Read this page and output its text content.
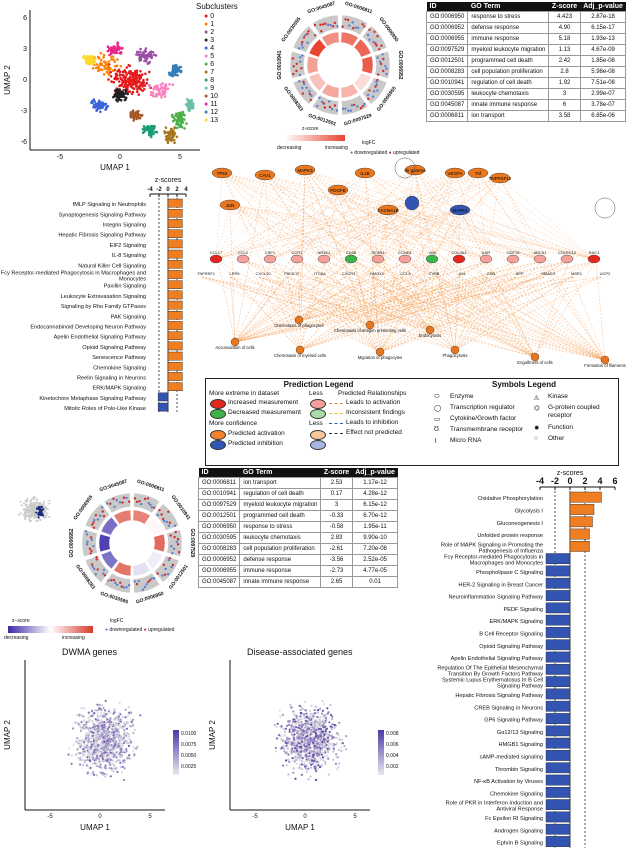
-5	0	5
6
3
0
-3
-6
UMAP 1
UMAP 2
Subclusters
● 0
● 1
● 2
● 3
● 4
● 5
● 6
● 7
● 8
● 9
● 10
● 11
● 12
● 13
GO:0006811
GO:0006950
GO:0006952
GO:0006955
GO:0097529
GO:0012501
GO:0008283
GO:0010941
GO:0030595
GO:0045087
z-score
logFC
decreasing	increasing
● downregulated ● upregulated
ID	GO Term	Z-score	Adj_p-value
GO:0006950	response to stress	4.423	2.87e-18
GO:0006952	defense response	4.90	6.15e-17
GO:0006955	immune response	5.18	1.93e-13
GO:0097529	myeloid leukocyte migration	1.13	4.67e-09
GO:0012501	programmed cell death	2.42	1.85e-08
GO:0008283	cell population proliferation	2.8	5.98e-08
GO:0010941	regulation of cell death	1.92	7.51e-08
GO:0030595	leukocyte chemotaxis	3	2.99e-07
GO:0045087	innate immune response	6	3.78e-07
GO:0006811	ion transport	3.58	6.85e-06
z-scores
-4 -2 0 2 4
fMLP Signaling in Neutrophils
Synaptogenesis Signaling Pathway
Integrin Signaling
Hepatic Fibrosis Signaling Pathway
EIF2 Signaling
IL-8 Signaling
Natural Killer Cell Signaling
Fcy Receptor-mediated Phagocytosis in Macrophages and
Monocytes
Paxillin Signaling
Leukocyte Extravasation Signaling
Signaling by Rho Family GTPases
PAK Signaling
Endocannabinoid Developing Neuron Pathway
Apelin Endothelial Signaling Pathway
Opioid Signaling Pathway
Senescence Pathway
Chemokine Signaling
Reelin Signaling in Neurons
ERK/MAPK Signaling
Kinetochore Metaphase Signaling Pathway
Mitotic Roles of Polo-Like Kinase
TP53	CAV1
MAPK3
IL1B
Ifn gamma
PDGFB
VEGFA	Tnf
TNFRSF12
MAPK1
CACNA1B
JUN
CCL17	CCL2	CSF1	CCR1	NR3C1	CD38	SESN1	CCND1	VIM	COL3A1	IL6R	GDF15	ABCA1	COLEC12	RAC1
TNFRSF1	LRP6	CXCL10	PIK3CG	ITGA4	CXCR3	HMOX1	CCL5	CYBB	AXL	GSN	APP	SMAD3	MSR1	UCP2
Accumulation of cells
Chemotaxis of phagocytes
Chemotaxis of antigen presenting cells
Chemotaxis of myeloid cells	Migration of phagocytes
Endocytosis
Phagocytosis
Engulfment of cells
Formation of filaments
Prediction Legend
More extreme in dataset	Less
Increased measurement
Decreased measurement
More confidence	Less
Predicted activation
Predicted inhibition
Predicted Relationships
Leads to activation
Inconsistent findings
Leads to inhibition
Effect not predicted
Symbols Legend
⬭ Enzyme
◯ Transcription regulator
▭ Cytokine/Growth factor
Ʊ Transmembrane receptor
⌇ Micro RNA
◬ Kinase
⌬ G-protein coupled receptor
✹ Function
○ Other
GO:0006811
GO:0010941
GO:0097529
GO:0012501
GO:0006950
GO:0030595
GO:0008283
GO:0006952
GO:0006955
GO:0045087
z−score	logFC
decreasing	increasing
● downregulated ● upregulated
ID	GO Term	Z-score	Adj_p-value
GO:0006811	ion transport	2.53	1.17e-12
GO:0010941	regulation of cell death	0.17	4.28e-12
GO:0097529	myeloid leukocyte migration	3	6.15e-12
GO:0012501	programmed cell death	-0.33	6.70e-12
GO:0006950	response to stress	-0.58	1.95e-11
GO:0030595	leukocyte chemotaxis	2.83	9.90e-10
GO:0008283	cell population proliferation	-2.61	7.20e-08
GO:0006952	defense response	-3.56	2.52e-05
GO:0006955	immune response	-2.73	4.77e-05
GO:0045087	innate immune response	2.65	0.01
z-scores
-4 -2 0 2 4 6
Oxidative Phosphorylation
Glycolysis I
Gluconeogenesis I
Unfolded protein response
Role of MAPK Signaling in Promoting the
Pathogenesis of Influenza
Fcγ Receptor-mediated Phagocytosis in
Macrophages and Monocytes
Phospholipase C Signaling
HER-2 Signaling in Breast Cancer
Neuroinflammation Signaling Pathway
PEDF Signaling
ERK/MAPK Signaling
B Cell Receptor Signaling
Opioid Signaling Pathway
Apelin Endothelial Signaling Pathway
Regulation Of The Epithelial Mesenchymal
Transition By Growth Factors Pathway
Systemic Lupus Erythematosus In B Cell
Signaling Pathway
Hepatic Fibrosis Signaling Pathway
CREB Signaling in Neurons
GP6 Signaling Pathway
Gα12/13 Signaling
HMGB1 Signaling
cAMP-mediated signaling
Thrombin Signaling
NF-κB Activation by Viruses
Chemokine Signaling
Role of PKR in Interferon Induction and
Antiviral Response
Fc Epsilon RI Signaling
Androgen Signaling
Ephrin B Signaling
-5	0	5
UMAP 1
UMAP 2	0.0100
0.0075
0.0050
0.0025
DWMA genes
-5	0	5
UMAP 1
UMAP 2	0.008
0.006
0.004
0.002
Disease-associated genes
